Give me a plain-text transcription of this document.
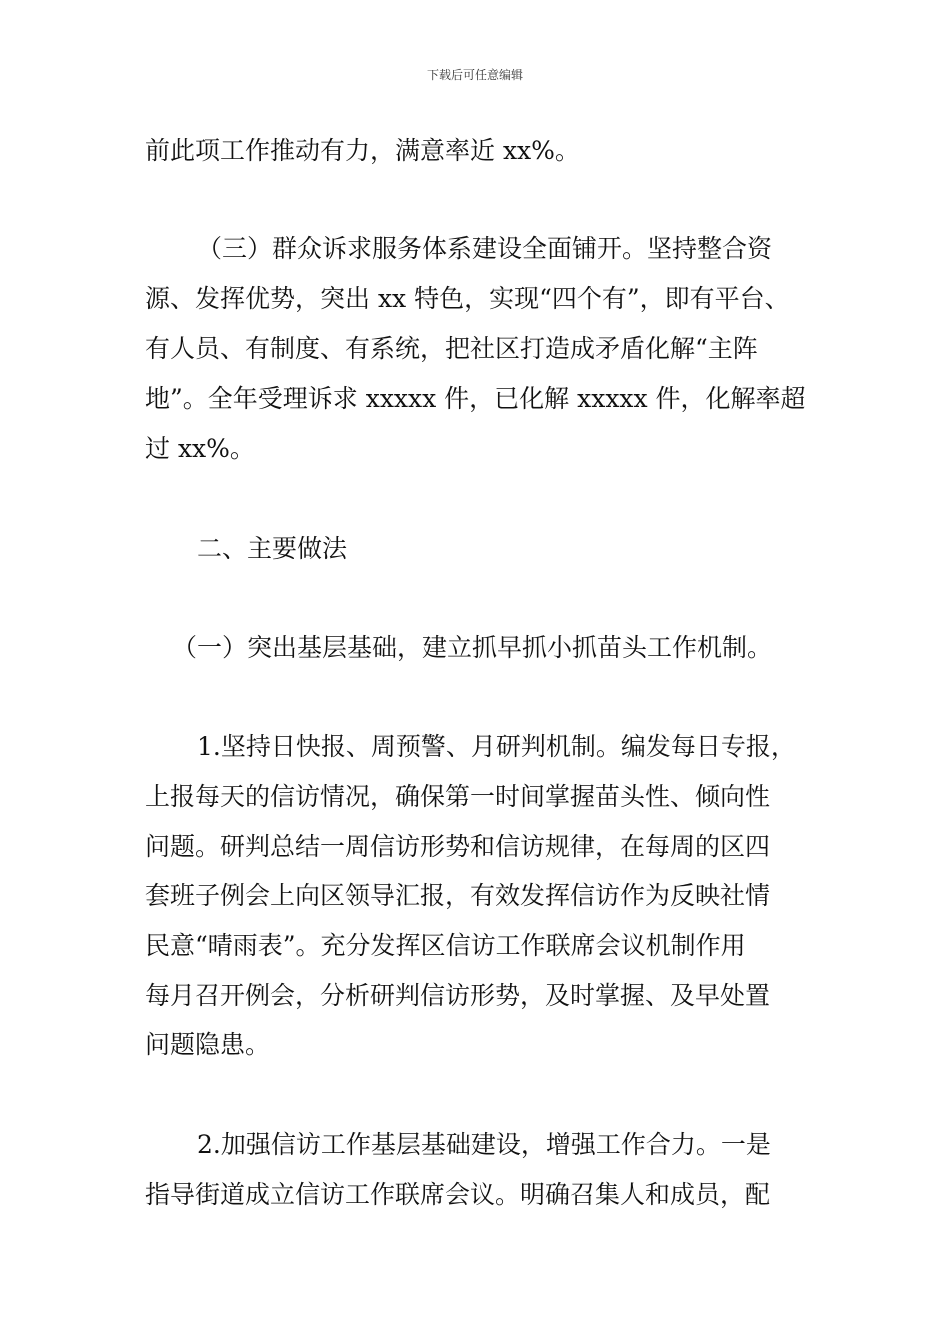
下载后可任意编辑
前此项工作推动有力，满意率近 xx%。
（三）群众诉求服务体系建设全面铺开。坚持整合资
源、发挥优势，突出 xx 特色，实现“四个有”，即有平台、
有人员、有制度、有系统，把社区打造成矛盾化解“主阵
地”。全年受理诉求 xxxxx 件，已化解 xxxxx 件，化解率超
过 xx%。
二、主要做法
（一）突出基层基础，建立抓早抓小抓苗头工作机制。
1.坚持日快报、周预警、月研判机制。编发每日专报，
上报每天的信访情况，确保第一时间掌握苗头性、倾向性
问题。研判总结一周信访形势和信访规律，在每周的区四
套班子例会上向区领导汇报，有效发挥信访作为反映社情
民意“晴雨表”。充分发挥区信访工作联席会议机制作用
每月召开例会，分析研判信访形势，及时掌握、及早处置
问题隐患。
2.加强信访工作基层基础建设，增强工作合力。一是
指导街道成立信访工作联席会议。明确召集人和成员，配
